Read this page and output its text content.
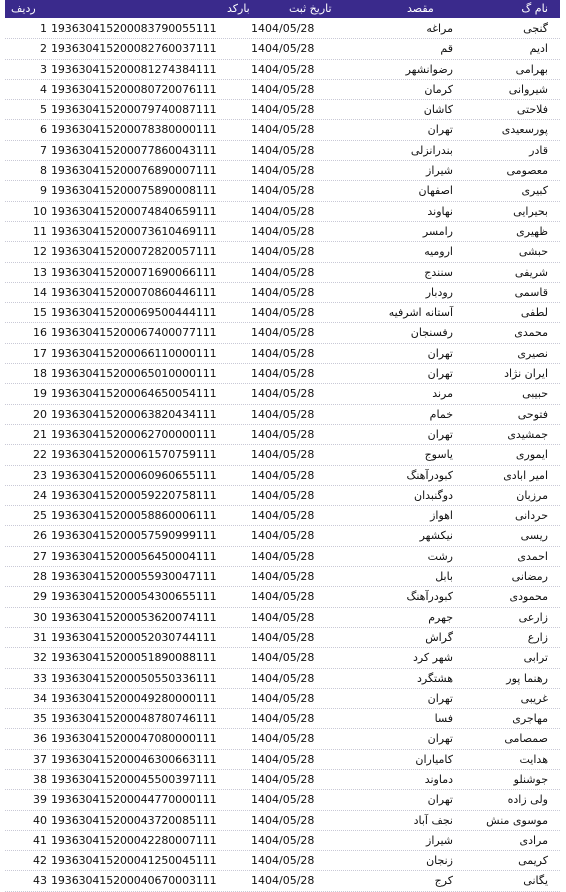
ردیف	بارکد	تاریخ ثبت	مقصد	نام گ
1 193630415200083790055111	1404/05/28	مراغه	گنجی
2 193630415200082760037111	1404/05/28	قم	ادیم
3 193630415200081274384111	1404/05/28	رضوانشهر	بهرامی
4 193630415200080720076111	1404/05/28	کرمان	شیروانی
5 193630415200079740087111	1404/05/28	کاشان	فلاحتی
6 193630415200078380000111	1404/05/28	تهران	پورسعیدی
7 193630415200077860043111	1404/05/28	بندرانزلی	قادر
8 193630415200076890007111	1404/05/28	شیراز	معصومی
9 193630415200075890008111	1404/05/28	اصفهان	کبیری
10 193630415200074840659111	1404/05/28	نهاوند	بحیرایی
11 193630415200073610469111	1404/05/28	رامسر	ظهیری
12 193630415200072820057111	1404/05/28	ارومیه	حبشی
13 193630415200071690066111	1404/05/28	سنندج	شریفی
14 193630415200070860446111	1404/05/28	رودبار	قاسمی
15 193630415200069500444111	1404/05/28	آستانه اشرفیه	لطفی
16 193630415200067400077111	1404/05/28	رفسنجان	محمدی
17 193630415200066110000111	1404/05/28	تهران	نصیری
18 193630415200065010000111	1404/05/28	تهران	ایران نژاد
19 193630415200064650054111	1404/05/28	مرند	حبیبی
20 193630415200063820434111	1404/05/28	خمام	فتوحی
21 193630415200062700000111	1404/05/28	تهران	جمشیدی
22 193630415200061570759111	1404/05/28	یاسوج	ایموری
23 193630415200060960655111	1404/05/28	کبودرآهنگ	امیر ابادی
24 193630415200059220758111	1404/05/28	دوگنبدان	مرزبان
25 193630415200058860006111	1404/05/28	اهواز	حردانی
26 193630415200057590999111	1404/05/28	نیکشهر	ریسی
27 193630415200056450004111	1404/05/28	رشت	احمدی
28 193630415200055930047111	1404/05/28	بابل	رمضانی
29 193630415200054300655111	1404/05/28	کبودرآهنگ	محمودی
30 193630415200053620074111	1404/05/28	جهرم	زارعی
31 193630415200052030744111	1404/05/28	گراش	زارع
32 193630415200051890088111	1404/05/28	شهر کرد	ترابی
33 193630415200050550336111	1404/05/28	هشتگرد	رهنما پور
34 193630415200049280000111	1404/05/28	تهران	غریبی
35 193630415200048780746111	1404/05/28	فسا	مهاجری
36 193630415200047080000111	1404/05/28	تهران	صمصامی
37 193630415200046300663111	1404/05/28	کامیاران	هدایت
38 193630415200045500397111	1404/05/28	دماوند	جوشنلو
39 193630415200044770000111	1404/05/28	تهران	ولی زاده
40 193630415200043720085111	1404/05/28	نجف آباد	موسوی منش
41 193630415200042280007111	1404/05/28	شیراز	مرادی
42 193630415200041250045111	1404/05/28	زنجان	کریمی
43 193630415200040670003111	1404/05/28	کرج	یگانی
